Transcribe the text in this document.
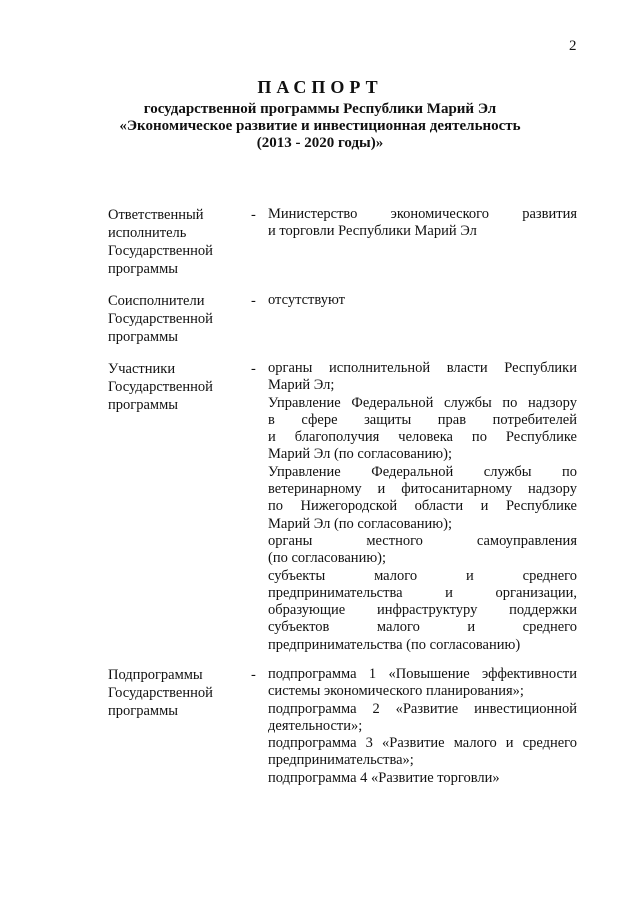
2
ПАСПОРТ
государственной программы Республики Марий Эл
«Экономическое развитие и инвестиционная деятельность
(2013 - 2020 годы)»
Ответственный
исполнитель
Государственной
программы
- Министерство экономического развития
и торговли Республики Марий Эл
Соисполнители
Государственной
программы
- отсутствуют
Участники
Государственной
программы
- органы исполнительной власти Республики
Марий Эл;
Управление Федеральной службы по надзору
в сфере защиты прав потребителей
и благополучия человека по Республике
Марий Эл (по согласованию);
Управление Федеральной службы по
ветеринарному и фитосанитарному надзору
по Нижегородской области и Республике
Марий Эл (по согласованию);
органы местного самоуправления
(по согласованию);
субъекты малого и среднего
предпринимательства и организации,
образующие инфраструктуру поддержки
субъектов малого и среднего
предпринимательства (по согласованию)
Подпрограммы
Государственной
программы
- подпрограмма 1 «Повышение эффективности
системы экономического планирования»;
подпрограмма 2 «Развитие инвестиционной
деятельности»;
подпрограмма 3 «Развитие малого и среднего
предпринимательства»;
подпрограмма 4 «Развитие торговли»
